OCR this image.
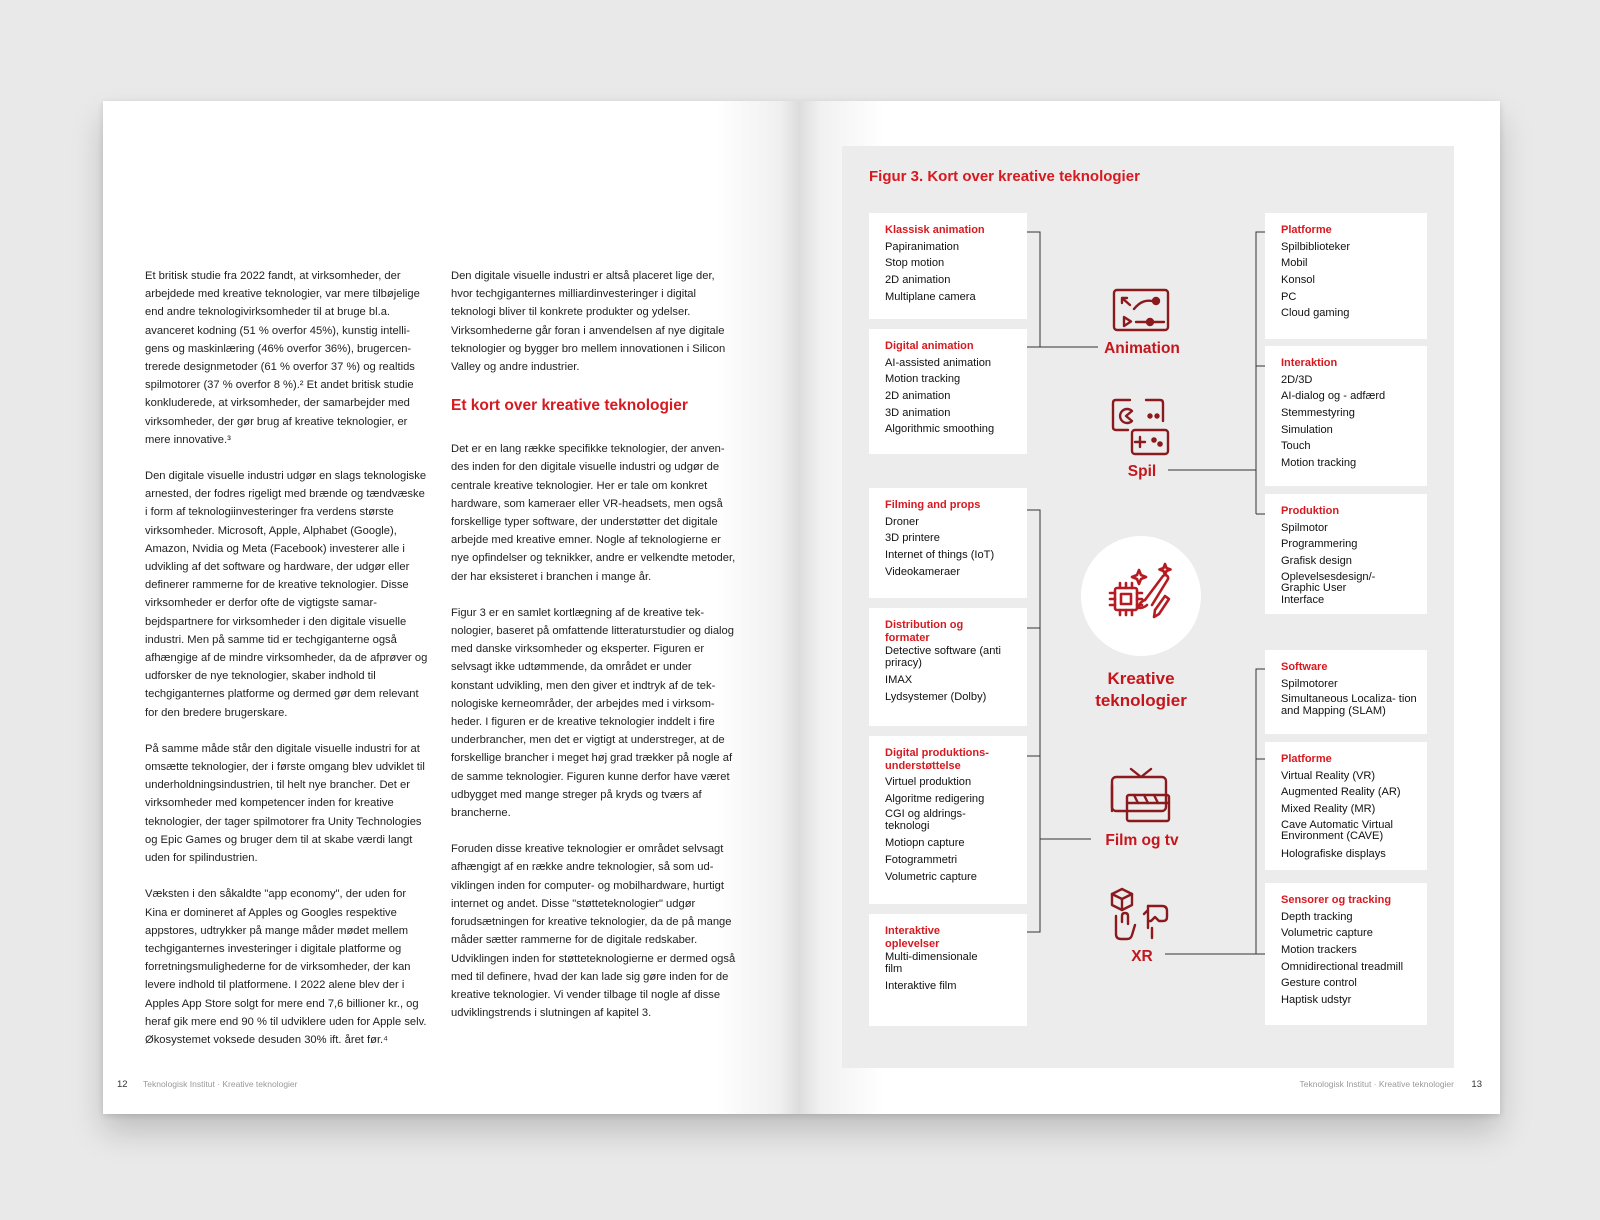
Et britisk studie fra 2022 fandt, at virksomheder, der arbejdede med kreative teknologier, var mere tilbøjelige end andre teknologivirksomheder til at bruge bl.a. avanceret kodning (51 % overfor 45%), kunstig intelligens og maskinlæring (46% overfor 36%), brugercentrerede designmetoder (61 % overfor 37 %) og realtids spilmotorer (37 % overfor 8 %).² Et andet britisk studie konkluderede, at virksomheder, der samarbejder med virksomheder, der gør brug af kreative teknologier, er mere innovative.³

Den digitale visuelle industri udgør en slags teknologiske arnested, der fodres rigeligt med brænde og tændvæske i form af teknologiinvesteringer fra verdens største virksomheder. Microsoft, Apple, Alphabet (Google), Amazon, Nvidia og Meta (Facebook) investerer alle i udvikling af det software og hardware, der udgør eller definerer rammerne for de kreative teknologier. Disse virksomheder er derfor ofte de vigtigste samarbejdspartnere for virksomheder i den digitale visuelle industri. Men på samme tid er techgiganterne også afhængige af de mindre virksomheder, da de afprøver og udforsker de nye teknologier, skaber indhold til techgiganternes platforme og dermed gør dem relevant for den bredere brugerskare.

På samme måde står den digitale visuelle industri for at omsætte teknologier, der i første omgang blev udviklet til underholdningsindustrien, til helt nye brancher. Det er virksomheder med kompetencer inden for kreative teknologier, der tager spilmotorer fra Unity Technologies og Epic Games og bruger dem til at skabe værdi langt uden for spilindustrien.

Væksten i den såkaldte "app economy", der uden for Kina er domineret af Apples og Googles respektive appstores, udtrykker på mange måder mødet mellem techgiganternes investeringer i digitale platforme og forretningsmulighederne for de virksomheder, der kan levere indhold til platformene. I 2022 alene blev der i Apples App Store solgt for mere end 7,6 billioner kr., og heraf gik mere end 90 % til udviklere uden for Apple selv. Økosystemet voksede desuden 30% ift. året før.⁴

Den digitale visuelle industri er altså placeret lige der, hvor techgiganternes milliardinvesteringer i digital teknologi bliver til konkrete produkter og ydelser. Virksomhederne går foran i anvendelsen af nye digitale teknologier og bygger bro mellem innovationen i Silicon Valley og andre industrier.

Et kort over kreative teknologier

Det er en lang række specifikke teknologier, der anvendes inden for den digitale visuelle industri og udgør de centrale kreative teknologier. Her er tale om konkret hardware, som kameraer eller VR-headsets, men også forskellige typer software, der understøtter det digitale arbejde med kreative emner. Nogle af teknologierne er nye opfindelser og teknikker, andre er velkendte metoder, der har eksisteret i branchen i mange år.

Figur 3 er en samlet kortlægning af de kreative teknologier, baseret på omfattende litteraturstudier og dialog med danske virksomheder og eksperter. Figuren er selvsagt ikke udtømmende, da området er under konstant udvikling, men den giver et indtryk af de teknologiske kerneområder, der arbejdes med i virksomheder. I figuren er de kreative teknologier inddelt i fire underbrancher, men det er vigtigt at understreger, at de forskellige brancher i meget høj grad trækker på nogle af de samme teknologier. Figuren kunne derfor have været udbygget med mange streger på kryds og tværs af brancherne.

Foruden disse kreative teknologier er området selvsagt afhængigt af en række andre teknologier, så som udviklingen inden for computer- og mobilhardware, hurtigt internet og andet. Disse "støtteteknologier" udgør forudsætningen for kreative teknologier, da de på mange måder sætter rammerne for de digitale redskaber. Udviklingen inden for støtteteknologierne er dermed også med til definere, hvad der kan lade sig gøre inden for de kreative teknologier. Vi vender tilbage til nogle af disse udviklingstrends i slutningen af kapitel 3.

12 Teknologisk Institut · Kreative teknologier
Figur 3. Kort over kreative teknologier
Klassisk animation
Papiranimation
Stop motion
2D animation
Multiplane camera
Digital animation
AI-assisted animation
Motion tracking
2D animation
3D animation
Algorithmic smoothing
Filming and props
Droner
3D printere
Internet of things (IoT)
Videokameraer
Distribution og formater
Detective software (anti priracy)
IMAX
Lydsystemer (Dolby)
Digital produktions- understøttelse
Virtuel produktion
Algoritme redigering
CGI og aldrings- teknologi
Motiopn capture
Fotogrammetri
Volumetric capture
Interaktive oplevelser
Multi-dimensionale film
Interaktive film
Platforme
Spilbiblioteker
Mobil
Konsol
PC
Cloud gaming
Interaktion
2D/3D
AI-dialog og - adfærd
Stemmestyring
Simulation
Touch
Motion tracking
Produktion
Spilmotor
Programmering
Grafisk design
Oplevelsesdesign/- Graphic User Interface
Software
Spilmotorer
Simultaneous Localiza- tion and Mapping (SLAM)
Platforme
Virtual Reality (VR)
Augmented Reality (AR)
Mixed Reality (MR)
Cave Automatic Virtual Environment (CAVE)
Holografiske displays
Sensorer og tracking
Depth tracking
Volumetric capture
Motion trackers
Omnidirectional treadmill
Gesture control
Haptisk udstyr
Animation
Spil
Kreative teknologier
Film og tv
XR
Teknologisk Institut · Kreative teknologier 13
